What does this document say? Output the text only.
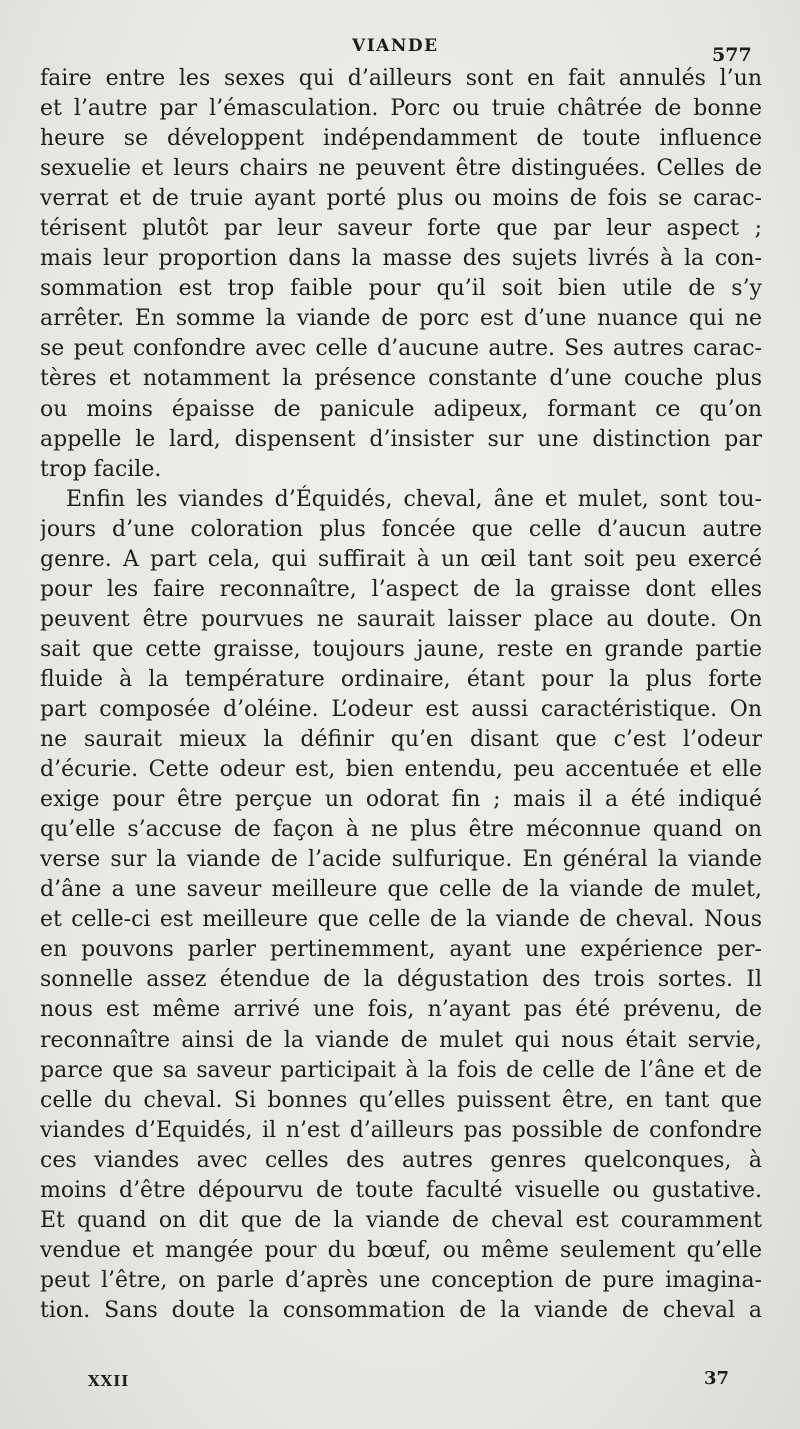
VIANDE	577
faire entre les sexes qui d’ailleurs sont en fait annulés l’un
et l’autre par l’émasculation. Porc ou truie châtrée de bonne
heure se développent indépendamment de toute influence
sexuelie et leurs chairs ne peuvent être distinguées. Celles de
verrat et de truie ayant porté plus ou moins de fois se carac-
térisent plutôt par leur saveur forte que par leur aspect ;
mais leur proportion dans la masse des sujets livrés à la con-
sommation est trop faible pour qu’il soit bien utile de s’y
arrêter. En somme la viande de porc est d’une nuance qui ne
se peut confondre avec celle d’aucune autre. Ses autres carac-
tères et notamment la présence constante d’une couche plus
ou moins épaisse de panicule adipeux, formant ce qu’on
appelle le lard, dispensent d’insister sur une distinction par
trop facile.
Enfin les viandes d’Équidés, cheval, âne et mulet, sont tou-
jours d’une coloration plus foncée que celle d’aucun autre
genre. A part cela, qui suffirait à un œil tant soit peu exercé
pour les faire reconnaître, l’aspect de la graisse dont elles
peuvent être pourvues ne saurait laisser place au doute. On
sait que cette graisse, toujours jaune, reste en grande partie
fluide à la température ordinaire, étant pour la plus forte
part composée d’oléine. L’odeur est aussi caractéristique. On
ne saurait mieux la définir qu’en disant que c’est l’odeur
d’écurie. Cette odeur est, bien entendu, peu accentuée et elle
exige pour être perçue un odorat fin ; mais il a été indiqué
qu’elle s’accuse de façon à ne plus être méconnue quand on
verse sur la viande de l’acide sulfurique. En général la viande
d’âne a une saveur meilleure que celle de la viande de mulet,
et celle-ci est meilleure que celle de la viande de cheval. Nous
en pouvons parler pertinemment, ayant une expérience per-
sonnelle assez étendue de la dégustation des trois sortes. Il
nous est même arrivé une fois, n’ayant pas été prévenu, de
reconnaître ainsi de la viande de mulet qui nous était servie,
parce que sa saveur participait à la fois de celle de l’âne et de
celle du cheval. Si bonnes qu’elles puissent être, en tant que
viandes d’Equidés, il n’est d’ailleurs pas possible de confondre
ces viandes avec celles des autres genres quelconques, à
moins d’être dépourvu de toute faculté visuelle ou gustative.
Et quand on dit que de la viande de cheval est couramment
vendue et mangée pour du bœuf, ou même seulement qu’elle
peut l’être, on parle d’après une conception de pure imagina-
tion. Sans doute la consommation de la viande de cheval a
XXII	37
